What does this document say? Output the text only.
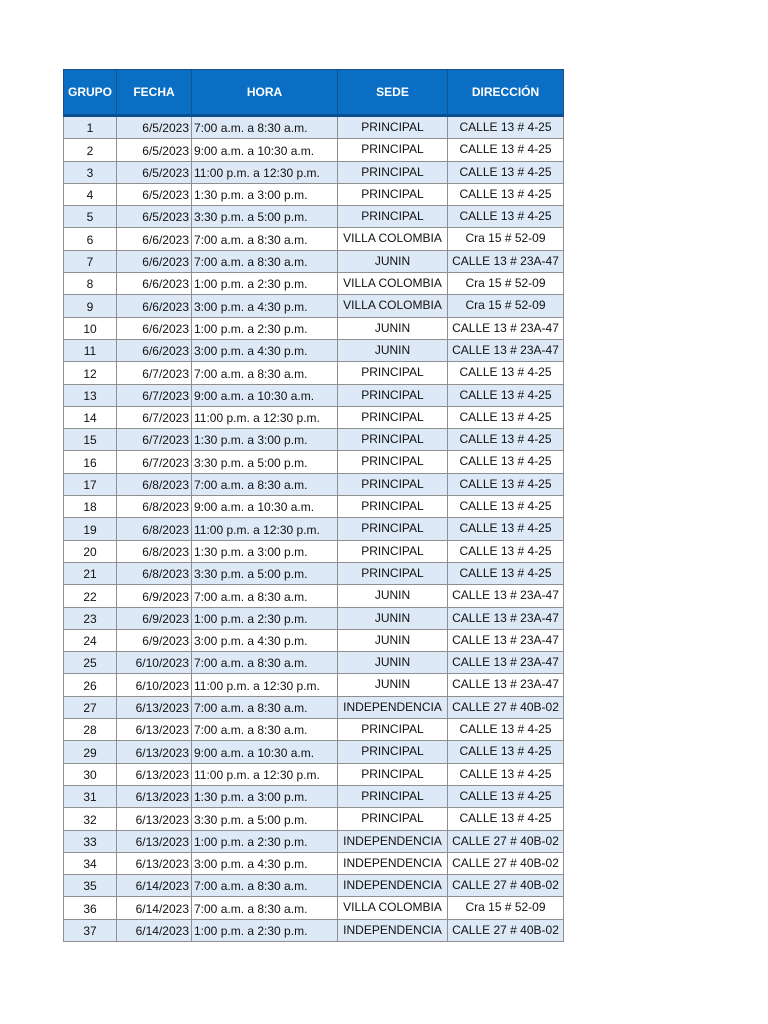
GRUPO	FECHA	HORA	SEDE	DIRECCIÓN
1	6/5/2023	7:00 a.m. a 8:30 a.m.	PRINCIPAL	CALLE 13 # 4-25
2	6/5/2023	9:00 a.m. a 10:30 a.m.	PRINCIPAL	CALLE 13 # 4-25
3	6/5/2023	11:00 p.m. a 12:30 p.m.	PRINCIPAL	CALLE 13 # 4-25
4	6/5/2023	1:30 p.m. a 3:00 p.m.	PRINCIPAL	CALLE 13 # 4-25
5	6/5/2023	3:30 p.m. a 5:00 p.m.	PRINCIPAL	CALLE 13 # 4-25
6	6/6/2023	7:00 a.m. a 8:30 a.m.	VILLA COLOMBIA	Cra 15 # 52-09
7	6/6/2023	7:00 a.m. a 8:30 a.m.	JUNIN	CALLE 13 # 23A-47
8	6/6/2023	1:00 p.m. a 2:30 p.m.	VILLA COLOMBIA	Cra 15 # 52-09
9	6/6/2023	3:00 p.m. a 4:30 p.m.	VILLA COLOMBIA	Cra 15 # 52-09
10	6/6/2023	1:00 p.m. a 2:30 p.m.	JUNIN	CALLE 13 # 23A-47
11	6/6/2023	3:00 p.m. a 4:30 p.m.	JUNIN	CALLE 13 # 23A-47
12	6/7/2023	7:00 a.m. a 8:30 a.m.	PRINCIPAL	CALLE 13 # 4-25
13	6/7/2023	9:00 a.m. a 10:30 a.m.	PRINCIPAL	CALLE 13 # 4-25
14	6/7/2023	11:00 p.m. a 12:30 p.m.	PRINCIPAL	CALLE 13 # 4-25
15	6/7/2023	1:30 p.m. a 3:00 p.m.	PRINCIPAL	CALLE 13 # 4-25
16	6/7/2023	3:30 p.m. a 5:00 p.m.	PRINCIPAL	CALLE 13 # 4-25
17	6/8/2023	7:00 a.m. a 8:30 a.m.	PRINCIPAL	CALLE 13 # 4-25
18	6/8/2023	9:00 a.m. a 10:30 a.m.	PRINCIPAL	CALLE 13 # 4-25
19	6/8/2023	11:00 p.m. a 12:30 p.m.	PRINCIPAL	CALLE 13 # 4-25
20	6/8/2023	1:30 p.m. a 3:00 p.m.	PRINCIPAL	CALLE 13 # 4-25
21	6/8/2023	3:30 p.m. a 5:00 p.m.	PRINCIPAL	CALLE 13 # 4-25
22	6/9/2023	7:00 a.m. a 8:30 a.m.	JUNIN	CALLE 13 # 23A-47
23	6/9/2023	1:00 p.m. a 2:30 p.m.	JUNIN	CALLE 13 # 23A-47
24	6/9/2023	3:00 p.m. a 4:30 p.m.	JUNIN	CALLE 13 # 23A-47
25	6/10/2023	7:00 a.m. a 8:30 a.m.	JUNIN	CALLE 13 # 23A-47
26	6/10/2023	11:00 p.m. a 12:30 p.m.	JUNIN	CALLE 13 # 23A-47
27	6/13/2023	7:00 a.m. a 8:30 a.m.	INDEPENDENCIA	CALLE 27 # 40B-02
28	6/13/2023	7:00 a.m. a 8:30 a.m.	PRINCIPAL	CALLE 13 # 4-25
29	6/13/2023	9:00 a.m. a 10:30 a.m.	PRINCIPAL	CALLE 13 # 4-25
30	6/13/2023	11:00 p.m. a 12:30 p.m.	PRINCIPAL	CALLE 13 # 4-25
31	6/13/2023	1:30 p.m. a 3:00 p.m.	PRINCIPAL	CALLE 13 # 4-25
32	6/13/2023	3:30 p.m. a 5:00 p.m.	PRINCIPAL	CALLE 13 # 4-25
33	6/13/2023	1:00 p.m. a 2:30 p.m.	INDEPENDENCIA	CALLE 27 # 40B-02
34	6/13/2023	3:00 p.m. a 4:30 p.m.	INDEPENDENCIA	CALLE 27 # 40B-02
35	6/14/2023	7:00 a.m. a 8:30 a.m.	INDEPENDENCIA	CALLE 27 # 40B-02
36	6/14/2023	7:00 a.m. a 8:30 a.m.	VILLA COLOMBIA	Cra 15 # 52-09
37	6/14/2023	1:00 p.m. a 2:30 p.m.	INDEPENDENCIA	CALLE 27 # 40B-02
